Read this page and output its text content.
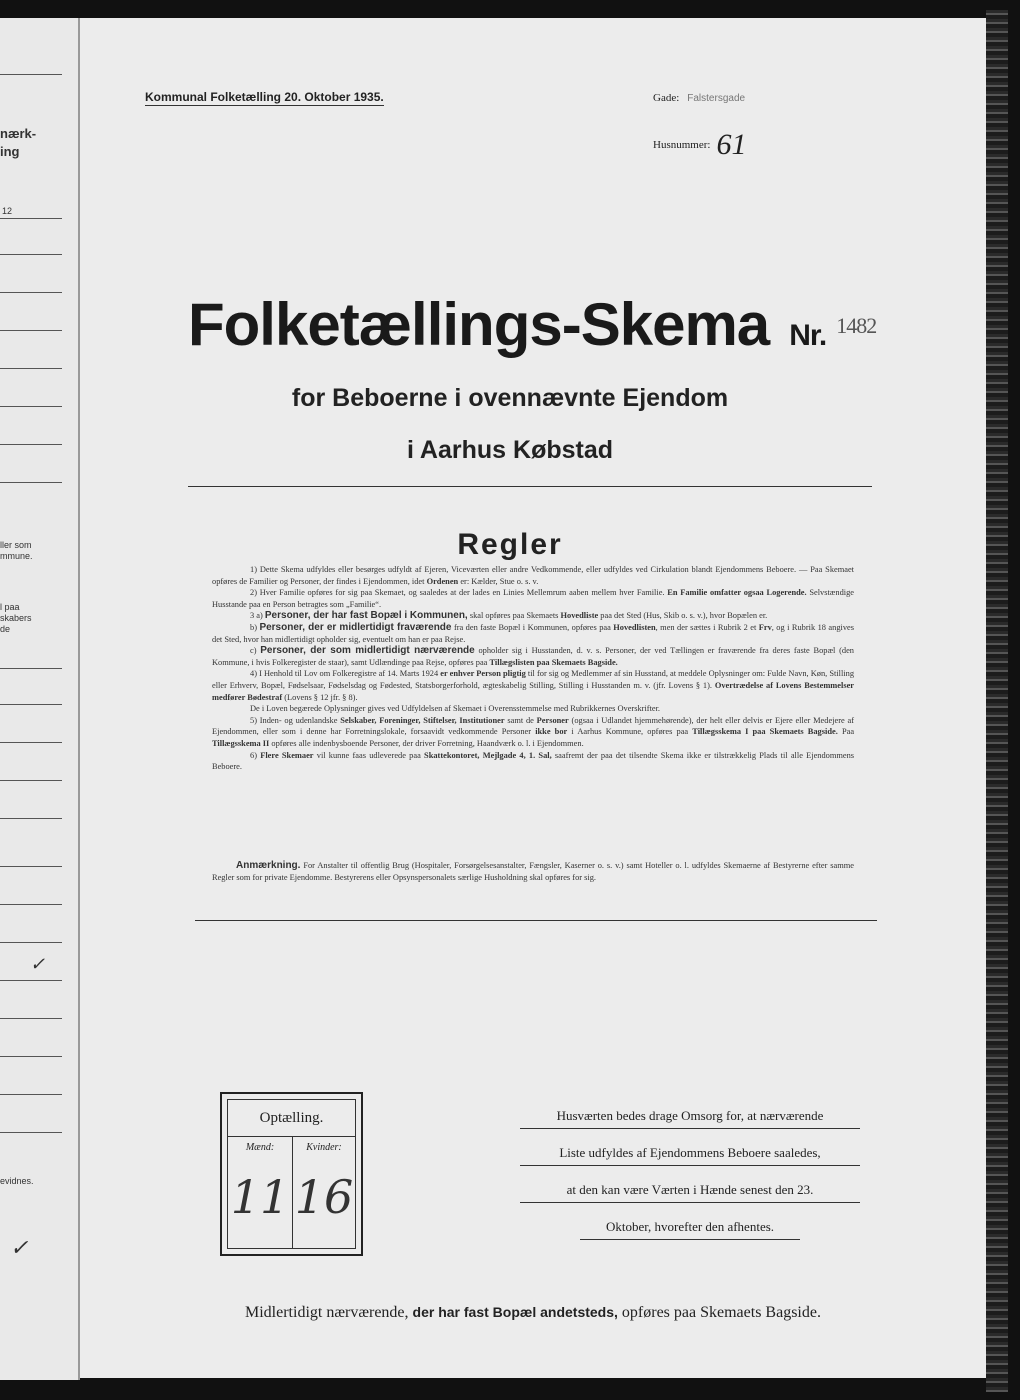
nærk-
ing
12
ller som
mmune.
l paa
skabers
de
✓
evidnes.
✓
Kommunal Folketælling 20. Oktober 1935.	Gade: Falstersgade
Husnummer: 61
Folketællings-Skema Nr. $^{1482}$
for Beboerne i ovennævnte Ejendom
i Aarhus Købstad
Regler

1) Dette Skema udfyldes eller besørges udfyldt af Ejeren, Viceværten eller andre Vedkommende, eller udfyldes ved Cirkulation blandt Ejendommens Beboere. — Paa Skemaet opføres de Familier og Personer, der findes i Ejendommen, idet Ordenen er: Kælder, Stue o. s. v.

2) Hver Familie opføres for sig paa Skemaet, og saaledes at der lades en Linies Mellemrum aaben mellem hver Familie. En Familie omfatter ogsaa Logerende. Selvstændige Husstande paa en Person betragtes som „Familie“.

3 a) Personer, der har fast Bopæl i Kommunen, skal opføres paa Skemaets Hovedliste paa det Sted (Hus, Skib o. s. v.), hvor Bopælen er.

b) Personer, der er midlertidigt fraværende fra den faste Bopæl i Kommunen, opføres paa Hovedlisten, men der sættes i Rubrik 2 et Frv, og i Rubrik 18 angives det Sted, hvor han midlertidigt opholder sig, eventuelt om han er paa Rejse.

c) Personer, der som midlertidigt nærværende opholder sig i Husstanden, d. v. s. Personer, der ved Tællingen er fraværende fra deres faste Bopæl (den Kommune, i hvis Folkeregister de staar), samt Udlændinge paa Rejse, opføres paa Tillægslisten paa Skemaets Bagside.

4) I Henhold til Lov om Folkeregistre af 14. Marts 1924 er enhver Person pligtig til for sig og Medlemmer af sin Husstand, at meddele Oplysninger om: Fulde Navn, Køn, Stilling eller Erhverv, Bopæl, Fødselsaar, Fødselsdag og Fødested, Statsborgerforhold, ægteskabelig Stilling, Stilling i Husstanden m. v. (jfr. Lovens § 1). Overtrædelse af Lovens Bestemmelser medfører Bødestraf (Lovens § 12 jfr. § 8).

De i Loven begærede Oplysninger gives ved Udfyldelsen af Skemaet i Overensstemmelse med Rubrikkernes Overskrifter.

5) Inden- og udenlandske Selskaber, Foreninger, Stiftelser, Institutioner samt de Personer (ogsaa i Udlandet hjemmehørende), der helt eller delvis er Ejere eller Medejere af Ejendommen, eller som i denne har Forretningslokale, forsaavidt vedkommende Personer ikke bor i Aarhus Kommune, opføres paa Tillægsskema I paa Skemaets Bagside. Paa Tillægsskema II opføres alle indenbysboende Personer, der driver Forretning, Haandværk o. l. i Ejendommen.

6) Flere Skemaer vil kunne faas udleverede paa Skattekontoret, Mejlgade 4, 1. Sal, saafremt der paa det tilsendte Skema ikke er tilstrækkelig Plads til alle Ejendommens Beboere.

Anmærkning. For Anstalter til offentlig Brug (Hospitaler, Forsørgelsesanstalter, Fængsler, Kaserner o. s. v.) samt Hoteller o. l. udfyldes Skemaerne af Bestyrerne efter samme Regler som for private Ejendomme. Bestyrerens eller Opsynspersonalets særlige Husholdning skal opføres for sig.

Optælling.
Mænd:	Kvinder:
11 16
Husværten bedes drage Omsorg for, at nærværende
Liste udfyldes af Ejendommens Beboere saaledes,
at den kan være Værten i Hænde senest den 23.
Oktober, hvorefter den afhentes.
Midlertidigt nærværende, der har fast Bopæl andetsteds, opføres paa Skemaets Bagside.
